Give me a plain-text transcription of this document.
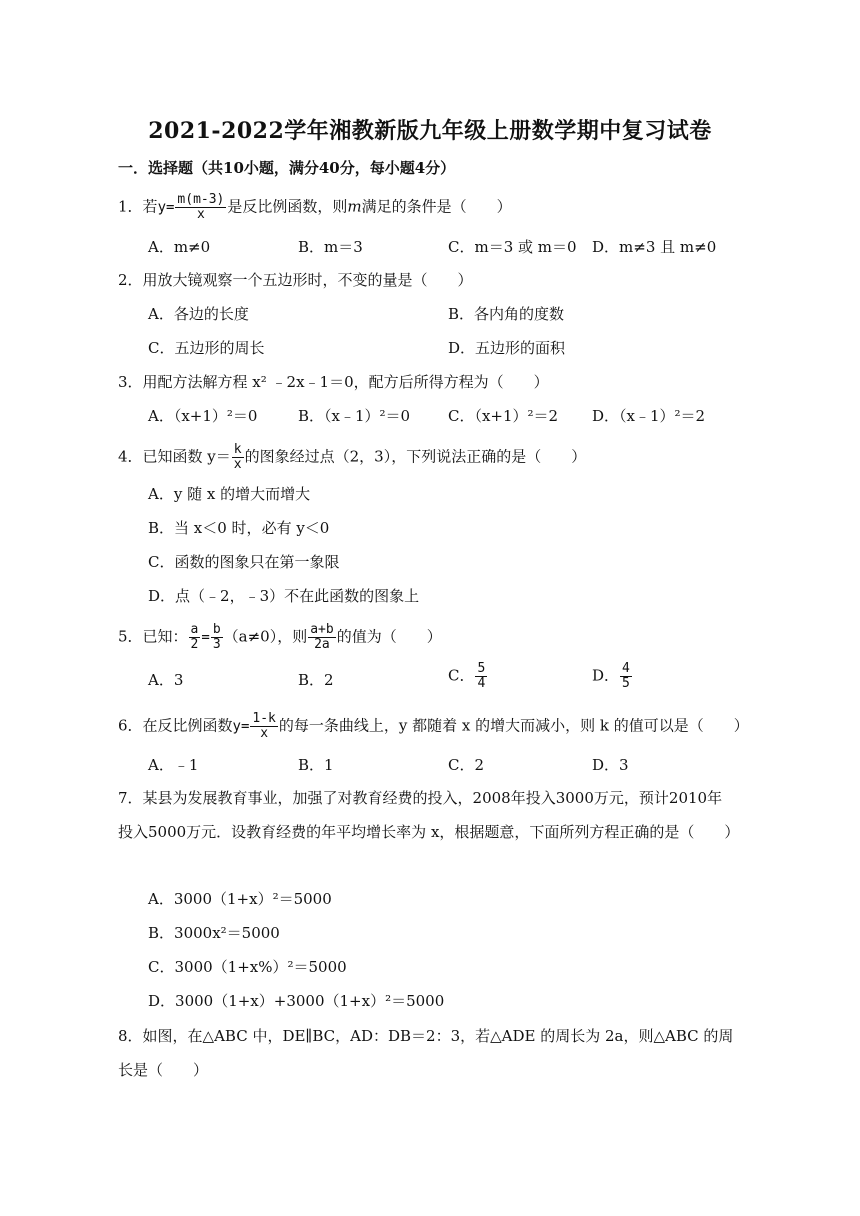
2021-2022学年湘教新版九年级上册数学期中复习试卷
一．选择题（共10小题，满分40分，每小题4分）
1．若$y= \frac{m(m-3)}{x}$ 是反比例函数，则m满足的条件是（　　）
A．m≠0	B．m＝3	C．m＝3 或 m＝0 D．m≠3 且 m≠0
2．用放大镜观察一个五边形时，不变的量是（　　）
A．各边的长度	B．各内角的度数
C．五边形的周长	D．五边形的面积
3．用配方法解方程 x² ﹣2x﹣1＝0，配方后所得方程为（　　）
A．（x+1）²＝0	B．（x﹣1）²＝0	C．（x+1）²＝2 D．（x﹣1）²＝2
4．已知函数 $y= \frac{k}{x}$ 的图象经过点（2，3），下列说法正确的是（　　）
A．y 随 x 的增大而增大
B．当 x＜0 时，必有 y＜0
C．函数的图象只在第一象限
D．点（﹣2，﹣3）不在此函数的图象上
5．已知： $\frac{a}{2} = \frac{b}{3} (a\ne 0)$，则 $\frac{a+b}{2a}$ 的值为（　　）
A．3	B．2	C． $\frac{5}{4}$	D． $\frac{4}{5}$
6．在反比例函数$y= \frac{1-k}{x}$ 的每一条曲线上，y 都随着 x 的增大而减小，则 k 的值可以是（　　）
A．﹣1	B．1	C．2	D．3
7．某县为发展教育事业，加强了对教育经费的投入，2008年投入3000万元，预计2010年投入5000万元．设教育经费的年平均增长率为 x，根据题意，下面所列方程正确的是（　　）
A．3000（1+x）²＝5000
B．3000x²＝5000
C．3000（1+x%）²＝5000
D．3000（1+x）+3000（1+x）²＝5000
8．如图，在△ABC 中，DE∥BC，AD：DB＝2：3，若△ADE 的周长为 2a，则△ABC 的周长是（　　）
